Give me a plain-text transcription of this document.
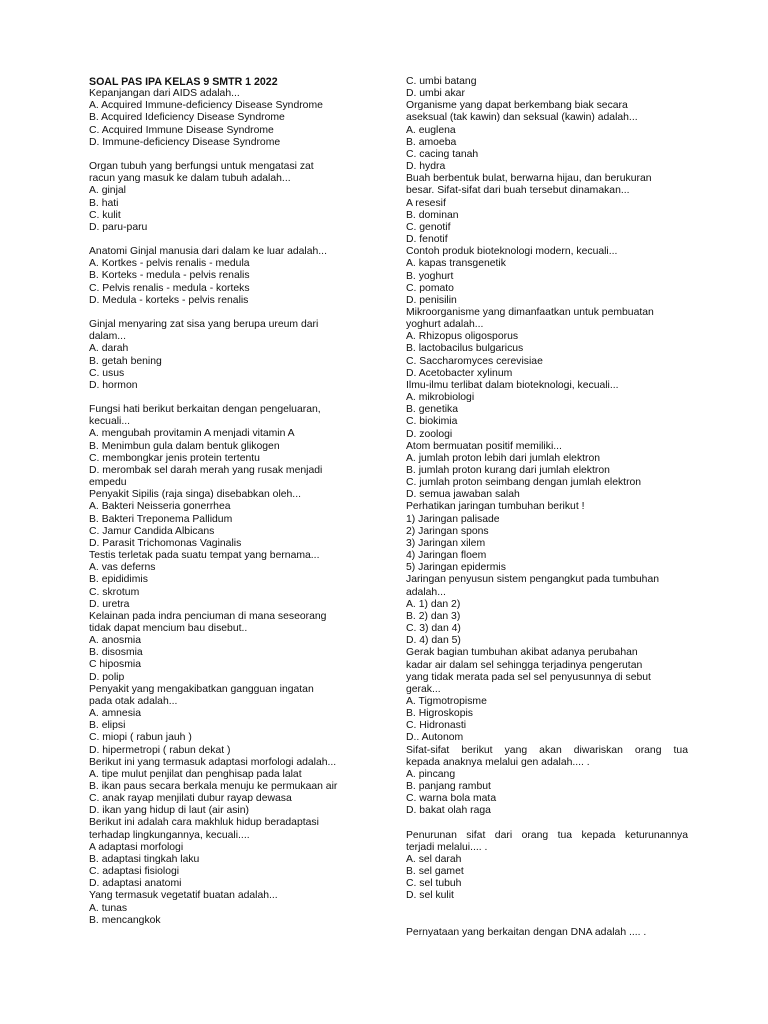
SOAL PAS IPA KELAS 9 SMTR 1 2022
Kepanjangan dari AIDS adalah...
A. Acquired Immune-deficiency Disease Syndrome
B. Acquired Idefіciency Disease Syndrome
C. Acquired Immune Disease Syndrome
D. Immune-deficiency Disease Syndrome
Organ tubuh yang berfungsi untuk mengatasi zat
racun yang masuk ke dalam tubuh adalah...
A. ginjal
B. hati
C. kulit
D. paru-paru
Anatomi Ginjal manusia dari dalam ke luar adalah...
A. Kortkes - pelvis renalis - medula
B. Korteks - medula - pelvis renalis
C. Pelvis renalis - medula - korteks
D. Medula - korteks - pelvis renalis
Ginjal menyaring zat sisa yang berupa ureum dari
dalam...
A. darah
B. getah bening
C. usus
D. hormon
Fungsi hati berikut berkaitan dengan pengeluaran,
kecuali...
A. mengubah provitamin A menjadi vitamin A
B. Menimbun gula dalam bentuk glikogen
C. membongkar jenis protein tertentu
D. merombak sel darah merah yang rusak menjadi
empedu
Penyakit Sipilis (raja singa) disebabkan oleh...
A. Bakteri Neisseria gonerrhea
B. Bakteri Treponema Pallidum
C. Jamur Candida Albicans
D. Parasit Trichomonas Vaginalis
Testis terletak pada suatu tempat yang bernama...
A. vas deferns
B. epididimis
C. skrotum
D. uretra
Kelainan pada indra penciuman di mana seseorang
tidak dapat mencium bau disebut..
A. anosmia
B. disosmia
C hiposmia
D. polip
Penyakit yang mengakibatkan gangguan ingatan
pada otak adalah...
A. amnesia
B. elipsi
C. miopi ( rabun jauh )
D. hipermetropi ( rabun dekat )
Berikut ini yang termasuk adaptasi morfologi adalah...
A. tipe mulut penjilat dan penghisap pada lalat
B. ikan paus secara berkala menuju ke permukaan air
C. anak rayap menjilati dubur rayap dewasa
D. ikan yang hidup di laut (air asin)
Berikut ini adalah cara makhluk hidup beradaptasi
terhadap lingkungannya, kecuali....
A adaptasi morfologi
B. adaptasi tingkah laku
C. adaptasi fisiologi
D. adaptasi anatomi
Yang termasuk vegetatif buatan adalah...
A. tunas
B. mencangkok
C. umbi batang
D. umbi akar
Organisme yang dapat berkembang biak secara
aseksual (tak kawin) dan seksual (kawin) adalah...
A. euglena
B. amoeba
C. cacing tanah
D. hydra
Buah berbentuk bulat, berwarna hijau, dan berukuran
besar. Sifat-sifat dari buah tersebut dinamakan...
A resesif
B. dominan
C. genotif
D. fenotif
Contoh produk bioteknologi modern, kecuali...
A. kapas transgenetik
B. yoghurt
C. pomato
D. penisilin
Mikroorganisme yang dimanfaatkan untuk pembuatan
yoghurt adalah...
A. Rhizopus oligosporus
B. lactobacilus bulgaricus
C. Saccharomyces cerevisiae
D. Acetobacter xylinum
Ilmu-ilmu terlibat dalam bioteknologi, kecuali...
A. mikrobiologi
B. genetika
C. biokimia
D. zoologi
Atom bermuatan positif memiliki...
A. jumlah proton lebih dari jumlah elektron
B. jumlah proton kurang dari jumlah elektron
C. jumlah proton seimbang dengan jumlah elektron
D. semua jawaban salah
Perhatikan jaringan tumbuhan berikut !
1) Jaringan palisade
2) Jaringan spons
3) Jaringan xilem
4) Jaringan floem
5) Jaringan epidermis
Jaringan penyusun sistem pengangkut pada tumbuhan
adalah...
A. 1) dan 2)
B. 2) dan 3)
C. 3) dan 4)
D. 4) dan 5)
Gerak bagian tumbuhan akibat adanya perubahan
kadar air dalam sel sehingga terjadinya pengerutan
yang tidak merata pada sel sel penyusunnya di sebut
gerak...
A. Tigmotropisme
B. Higroskopis
C. Hidronasti
D.. Autonom
Sifat-sifat berikut yang akan diwariskan orang tua
kepada anaknya melalui gen adalah.... .
A. pincang
B. panjang rambut
C. warna bola mata
D. bakat olah raga
Penurunan sifat dari orang tua kepada keturunannya
terjadi melalui.... .
A. sel darah
B. sel gamet
C. sel tubuh
D. sel kulit
Pernyataan yang berkaitan dengan DNA adalah .... .
